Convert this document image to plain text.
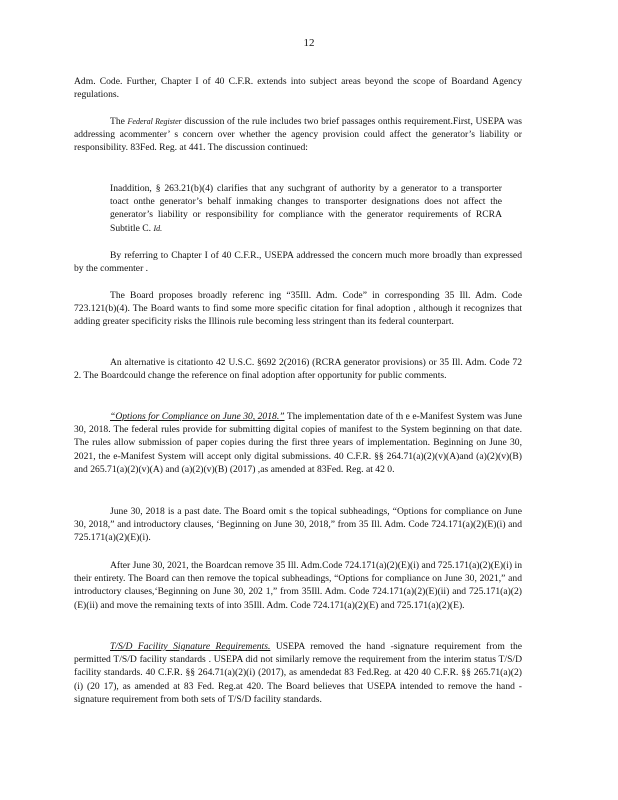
12

Adm. Code. Further, Chapter I of 40 C.F.R. extends into subject areas beyond the scope of Boardand Agency regulations.

The Federal Register discussion of the rule includes two brief passages onthis requirement.First, USEPA was addressing acommenter’ s concern over whether the agency provision could affect the generator’s liability or responsibility. 83Fed. Reg. at 441. The discussion continued:

Inaddition, § 263.21(b)(4) clarifies that any suchgrant of authority by a generator to a transporter toact onthe generator’s behalf inmaking changes to transporter designations does not affect the generator’s liability or responsibility for compliance with the generator requirements of RCRA Subtitle C. Id.

By referring to Chapter I of 40 C.F.R., USEPA addressed the concern much more broadly than expressed by the commenter .

The Board proposes broadly referenc ing “35Ill. Adm. Code” in corresponding 35 Ill. Adm. Code 723.121(b)(4). The Board wants to find some more specific citation for final adoption , although it recognizes that adding greater specificity risks the Illinois rule becoming less stringent than its federal counterpart.

An alternative is citationto 42 U.S.C. §692 2(2016) (RCRA generator provisions) or 35 Ill. Adm. Code 72 2. The Boardcould change the reference on final adoption after opportunity for public comments.

“Options for Compliance on June 30, 2018.” The implementation date of th e e-Manifest System was June 30, 2018. The federal rules provide for submitting digital copies of manifest to the System beginning on that date. The rules allow submission of paper copies during the first three years of implementation. Beginning on June 30, 2021, the e-Manifest System will accept only digital submissions. 40 C.F.R. §§ 264.71(a)(2)(v)(A)and (a)(2)(v)(B) and 265.71(a)(2)(v)(A) and (a)(2)(v)(B) (2017) ,as amended at 83Fed. Reg. at 42 0.

June 30, 2018 is a past date. The Board omit s the topical subheadings, “Options for compliance on June 30, 2018,” and introductory clauses, ‘Beginning on June 30, 2018,” from 35 Ill. Adm. Code 724.171(a)(2)(E)(i) and 725.171(a)(2)(E)(i).

After June 30, 2021, the Boardcan remove 35 Ill. Adm.Code 724.171(a)(2)(E)(i) and 725.171(a)(2)(E)(i) in their entirety. The Board can then remove the topical subheadings, “Options for compliance on June 30, 2021,” and introductory clauses,‘Beginning on June 30, 202 1,” from 35Ill. Adm. Code 724.171(a)(2)(E)(ii) and 725.171(a)(2)(E)(ii) and move the remaining texts of into 35Ill. Adm. Code 724.171(a)(2)(E) and 725.171(a)(2)(E).

T/S/D Facility Signature Requirements. USEPA removed the hand -signature requirement from the permitted T/S/D facility standards . USEPA did not similarly remove the requirement from the interim status T/S/D facility standards. 40 C.F.R. §§ 264.71(a)(2)(i) (2017), as amendedat 83 Fed.Reg. at 420 40 C.F.R. §§ 265.71(a)(2)(i) (20 17), as amended at 83 Fed. Reg.at 420. The Board believes that USEPA intended to remove the hand -signature requirement from both sets of T/S/D facility standards.
